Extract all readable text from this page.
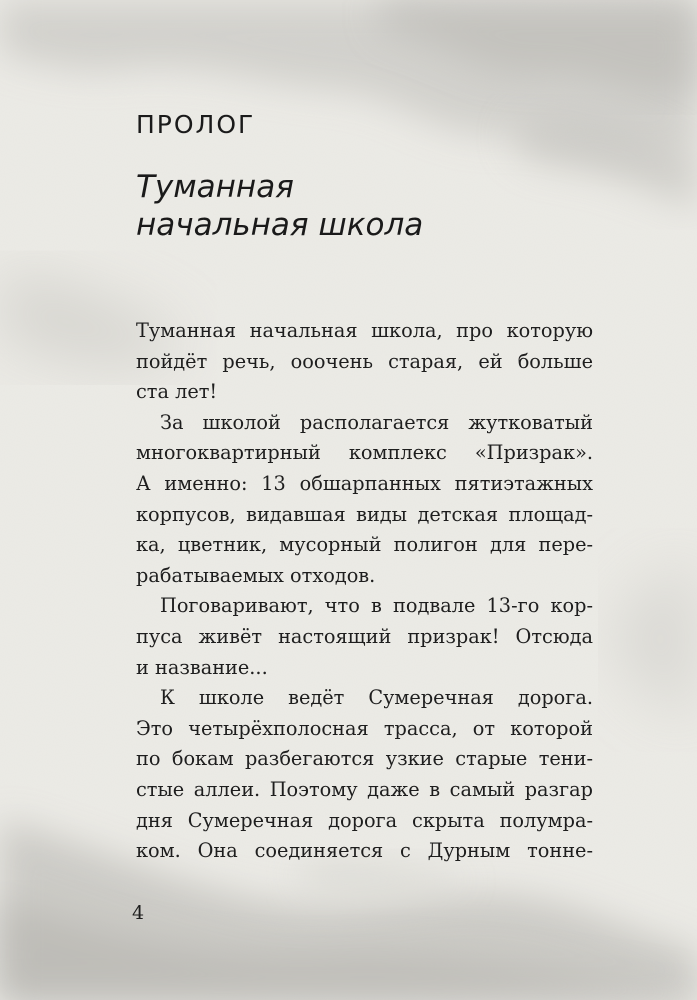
ПРОЛОГ
Туманная
начальная школа

Туманная начальная школа, про которую
пойдёт речь, ооочень старая, ей больше
ста лет!

За школой располагается жутковатый
многоквартирный комплекс «Призрак».
А именно: 13 обшарпанных пятиэтажных
корпусов, видавшая виды детская площад-
ка, цветник, мусорный полигон для пере-
рабатываемых отходов.

Поговаривают, что в подвале 13-го кор-
пуса живёт настоящий призрак! Отсюда
и название...

К школе ведёт Сумеречная дорога.
Это четырёхполосная трасса, от которой
по бокам разбегаются узкие старые тени-
стые аллеи. Поэтому даже в самый разгар
дня Сумеречная дорога скрыта полумра-
ком. Она соединяется с Дурным тонне-

4
